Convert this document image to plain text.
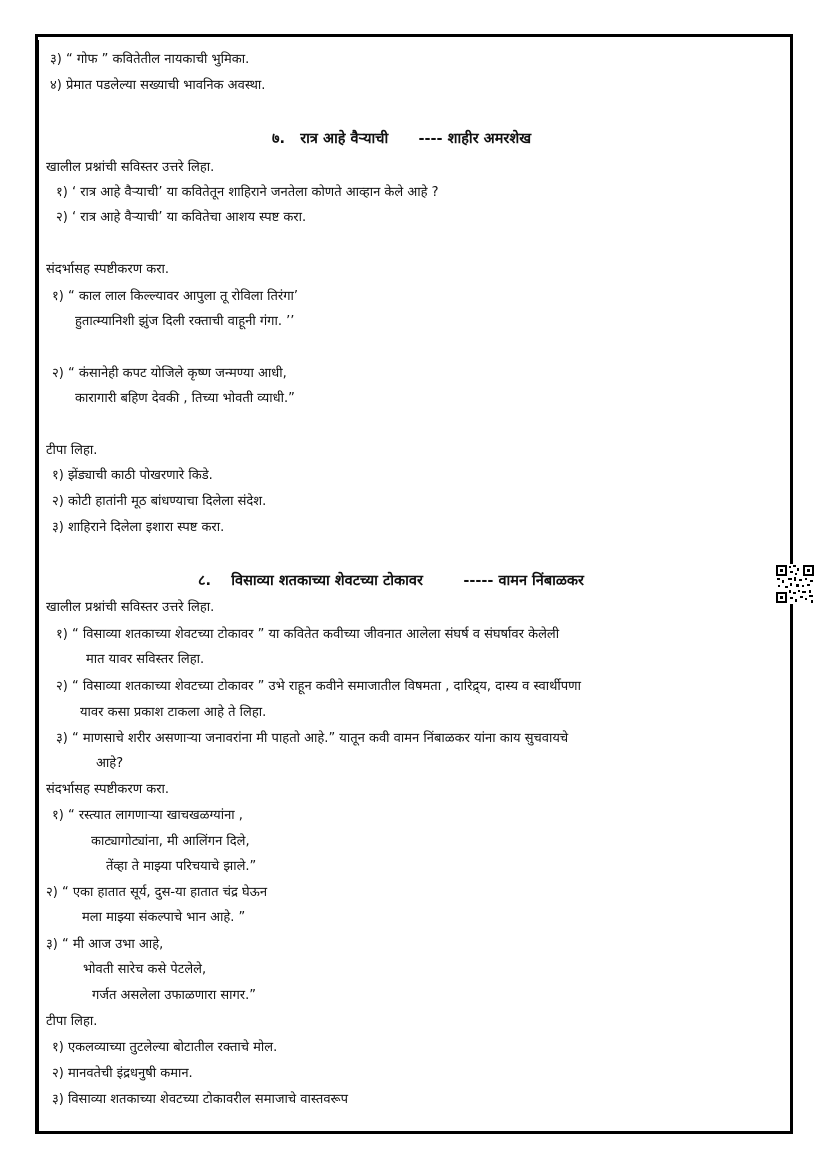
३) “ गोफ ” कवितेतील नायकाची भुमिका.
४) प्रेमात पडलेल्या सख्याची भावनिक अवस्था.
७. रात्र आहे वैऱ्याची ---- शाहीर अमरशेख
खालील प्रश्नांची सविस्तर उत्तरे लिहा.
१) ‘ रात्र आहे वैऱ्याची’ या कवितेतून शाहिराने जनतेला कोणते आव्हान केले आहे ?
२) ‘ रात्र आहे वैऱ्याची’ या कवितेचा आशय स्पष्ट करा.
संदर्भासह स्पष्टीकरण करा.
१) “ काल लाल किल्ल्यावर आपुला तू रोविला तिरंगा’
हुतात्म्यानिशी झुंज दिली रक्ताची वाहूनी गंगा. ’’
२) “ कंसानेही कपट योजिले कृष्ण जन्मण्या आधी,
कारागारी बहिण देवकी , तिच्या भोवती व्याधी.”
टीपा लिहा.
१) झेंड्याची काठी पोखरणारे किडे.
२) कोटी हातांनी मूठ बांधण्याचा दिलेला संदेश.
३) शाहिराने दिलेला इशारा स्पष्ट करा.
८. विसाव्या शतकाच्या शेवटच्या टोकावर	----- वामन निंबाळकर
खालील प्रश्नांची सविस्तर उत्तरे लिहा.
१) “ विसाव्या शतकाच्या शेवटच्या टोकावर ” या कवितेत कवीच्या जीवनात आलेला संघर्ष व संघर्षावर केलेली
मात यावर सविस्तर लिहा.
२) “ विसाव्या शतकाच्या शेवटच्या टोकावर ” उभे राहून कवीने समाजातील विषमता , दारिद्र्य, दास्य व स्वार्थीपणा
यावर कसा प्रकाश टाकला आहे ते लिहा.
३) “ माणसाचे शरीर असणाऱ्या जनावरांना मी पाहतो आहे.” यातून कवी वामन निंबाळकर यांना काय सुचवायचे
आहे?
संदर्भासह स्पष्टीकरण करा.
१) “ रस्त्यात लागणाऱ्या खाचखळग्यांना ,
काट्यागोट्यांना, मी आलिंगन दिले,
तेंव्हा ते माझ्या परिचयाचे झाले.”
२) “ एका हातात सूर्य, दुस-या हातात चंद्र घेऊन
मला माझ्या संकल्पाचे भान आहे. ”
३) “ मी आज उभा आहे,
भोवती सारेच कसे पेटलेले,
गर्जत असलेला उफाळणारा सागर.”
टीपा लिहा.
१) एकलव्याच्या तुटलेल्या बोटातील रक्ताचे मोल.
२) मानवतेची इंद्रधनुषी कमान.
३) विसाव्या शतकाच्या शेवटच्या टोकावरील समाजाचे वास्तवरूप
